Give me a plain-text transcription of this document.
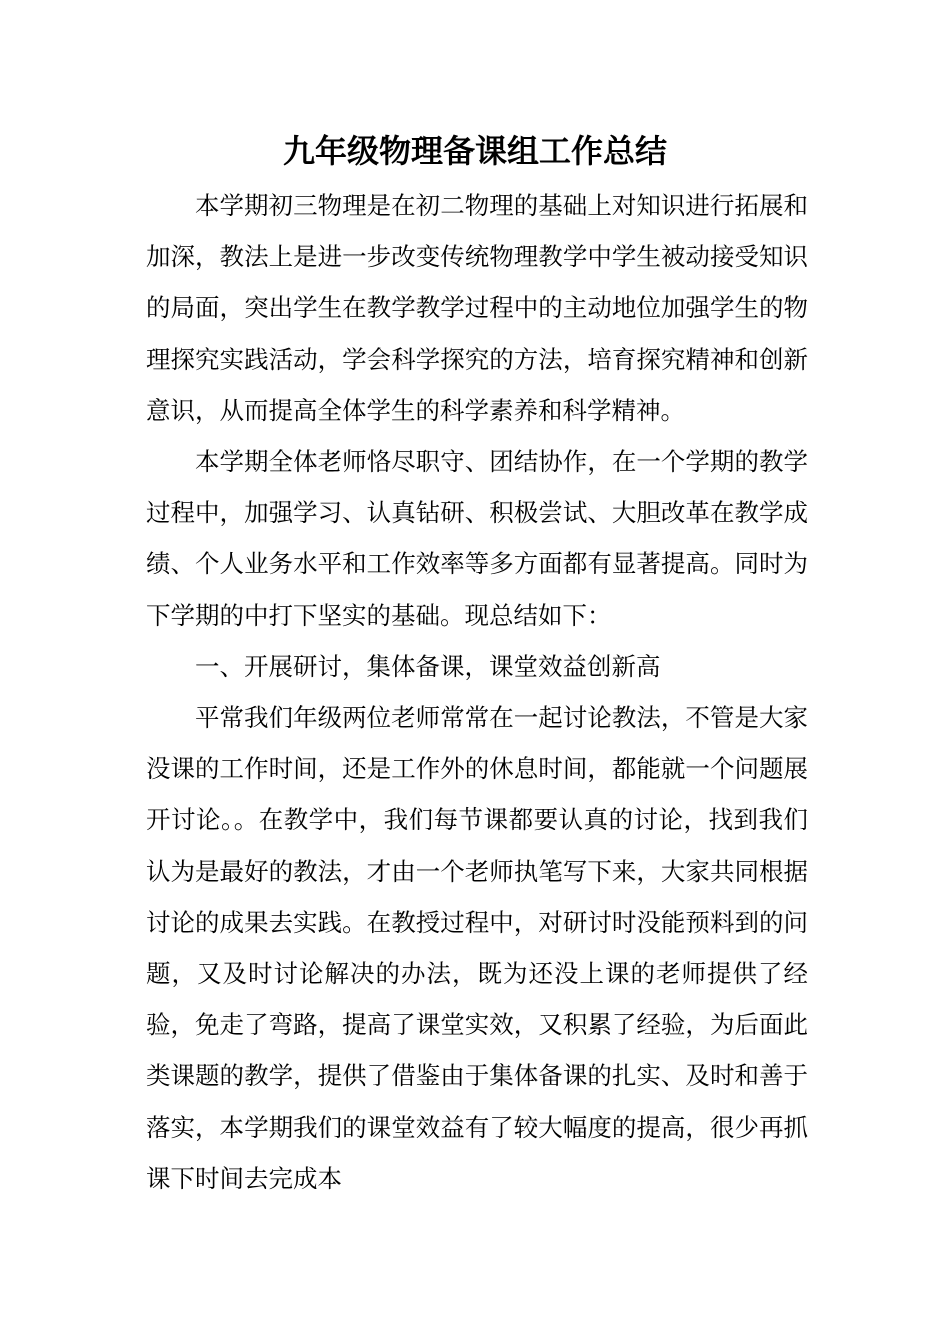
九年级物理备课组工作总结

本学期初三物理是在初二物理的基础上对知识进行拓展和加深，教法上是进一步改变传统物理教学中学生被动接受知识的局面，突出学生在教学教学过程中的主动地位加强学生的物理探究实践活动，学会科学探究的方法，培育探究精神和创新意识，从而提高全体学生的科学素养和科学精神。

本学期全体老师恪尽职守、团结协作，在一个学期的教学过程中，加强学习、认真钻研、积极尝试、大胆改革在教学成绩、个人业务水平和工作效率等多方面都有显著提高。同时为下学期的中打下坚实的基础。现总结如下：

一、开展研讨，集体备课，课堂效益创新高

平常我们年级两位老师常常在一起讨论教法，不管是大家没课的工作时间，还是工作外的休息时间，都能就一个问题展开讨论。。在教学中，我们每节课都要认真的讨论，找到我们认为是最好的教法，才由一个老师执笔写下来，大家共同根据讨论的成果去实践。在教授过程中，对研讨时没能预料到的问题，又及时讨论解决的办法，既为还没上课的老师提供了经验，免走了弯路，提高了课堂实效，又积累了经验，为后面此类课题的教学，提供了借鉴由于集体备课的扎实、及时和善于落实，本学期我们的课堂效益有了较大幅度的提高，很少再抓课下时间去完成本
